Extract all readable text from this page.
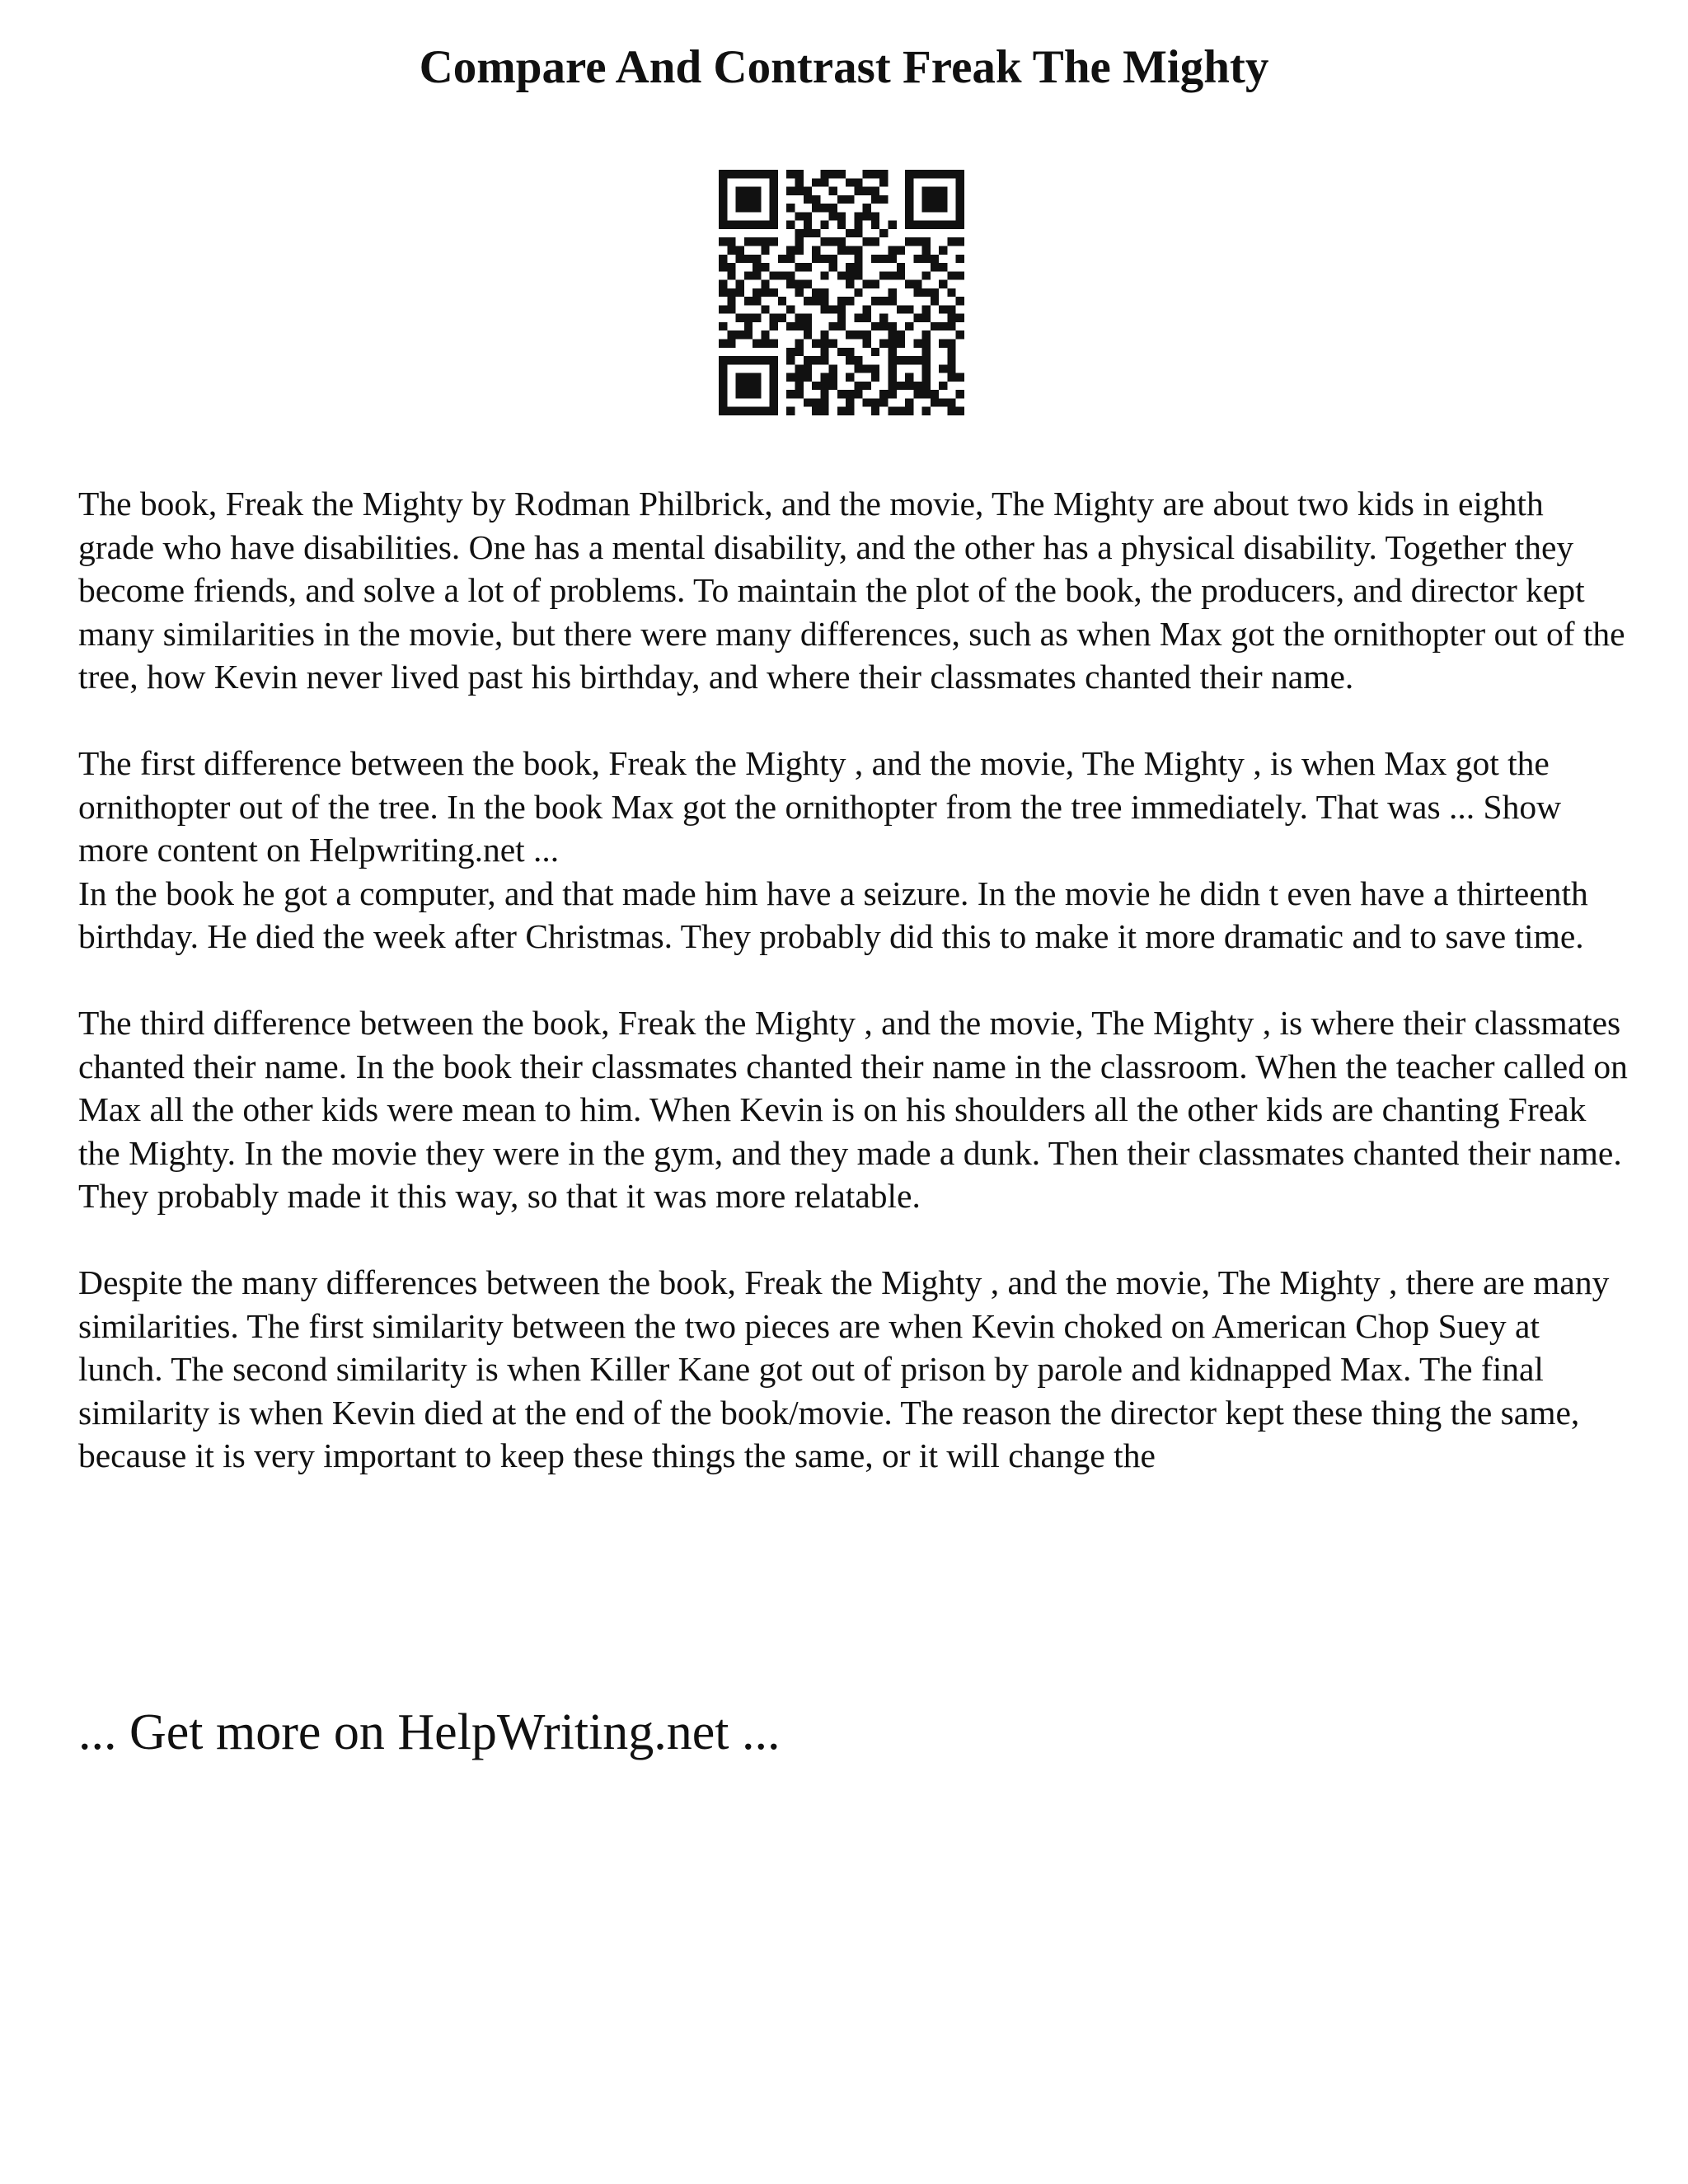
Compare And Contrast Freak The Mighty

The book, Freak the Mighty by Rodman Philbrick, and the movie, The Mighty are about two kids in eighth grade who have disabilities. One has a mental disability, and the other has a physical disability. Together they become friends, and solve a lot of problems. To maintain the plot of the book, the producers, and director kept many similarities in the movie, but there were many differences, such as when Max got the ornithopter out of the tree, how Kevin never lived past his birthday, and where their classmates chanted their name.

The first difference between the book, Freak the Mighty , and the movie, The Mighty , is when Max got the ornithopter out of the tree. In the book Max got the ornithopter from the tree immediately. That was ... Show more content on Helpwriting.net ...

In the book he got a computer, and that made him have a seizure. In the movie he didn t even have a thirteenth birthday. He died the week after Christmas. They probably did this to make it more dramatic and to save time.

The third difference between the book, Freak the Mighty , and the movie, The Mighty , is where their classmates chanted their name. In the book their classmates chanted their name in the classroom. When the teacher called on Max all the other kids were mean to him. When Kevin is on his shoulders all the other kids are chanting Freak the Mighty. In the movie they were in the gym, and they made a dunk. Then their classmates chanted their name. They probably made it this way, so that it was more relatable.

Despite the many differences between the book, Freak the Mighty , and the movie, The Mighty , there are many similarities. The first similarity between the two pieces are when Kevin choked on American Chop Suey at lunch. The second similarity is when Killer Kane got out of prison by parole and kidnapped Max. The final similarity is when Kevin died at the end of the book/movie. The reason the director kept these thing the same, because it is very important to keep these things the same, or it will change the

... Get more on HelpWriting.net ...
